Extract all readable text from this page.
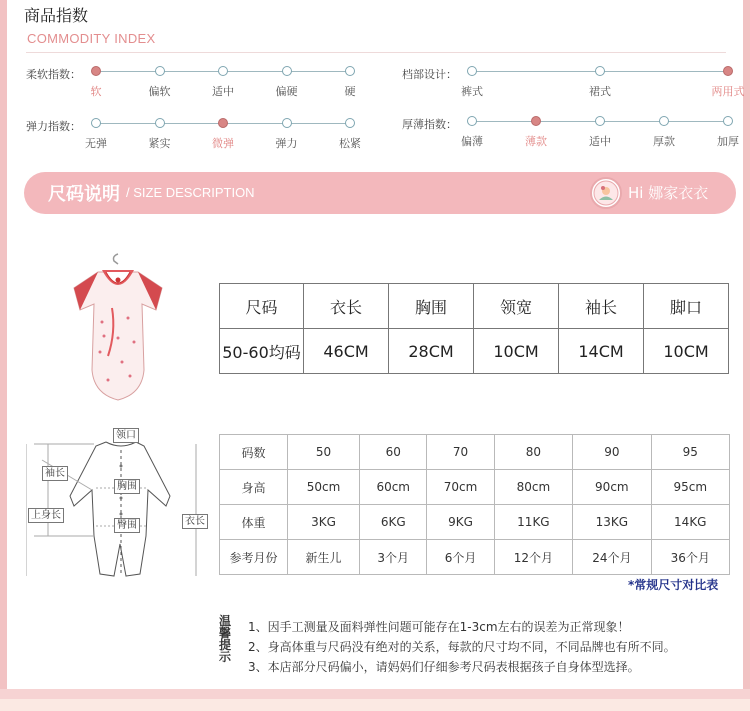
商品指数
COMMODITY INDEX
柔软指数：
软	偏软	适中	偏硬	硬
档部设计：
裤式	裙式	两用式
弹力指数：
无弹	紧实	微弹	弹力	松紧
厚薄指数：
偏薄	薄款	适中	厚款	加厚
尺码说明 / SIZE DESCRIPTION	Hi 娜家衣衣
尺码	衣长	胸围	领宽	袖长	脚口
50-60均码	46CM	28CM	10CM	14CM	10CM
领口
袖长
胸围
上身长
臀围	衣长
码数	50	60	70	80	90	95
身高	50cm	60cm	70cm	80cm	90cm	95cm
体重	3KG	6KG	9KG	11KG	13KG	14KG
参考月份	新生儿	3个月	6个月	12个月	24个月	36个月
*常规尺寸对比表
温馨提示
1、因手工测量及面料弹性问题可能存在1-3cm左右的误差为正常现象！
2、身高体重与尺码没有绝对的关系，每款的尺寸均不同，不同品牌也有所不同。
3、本店部分尺码偏小，请妈妈们仔细参考尺码表根据孩子自身体型选择。
